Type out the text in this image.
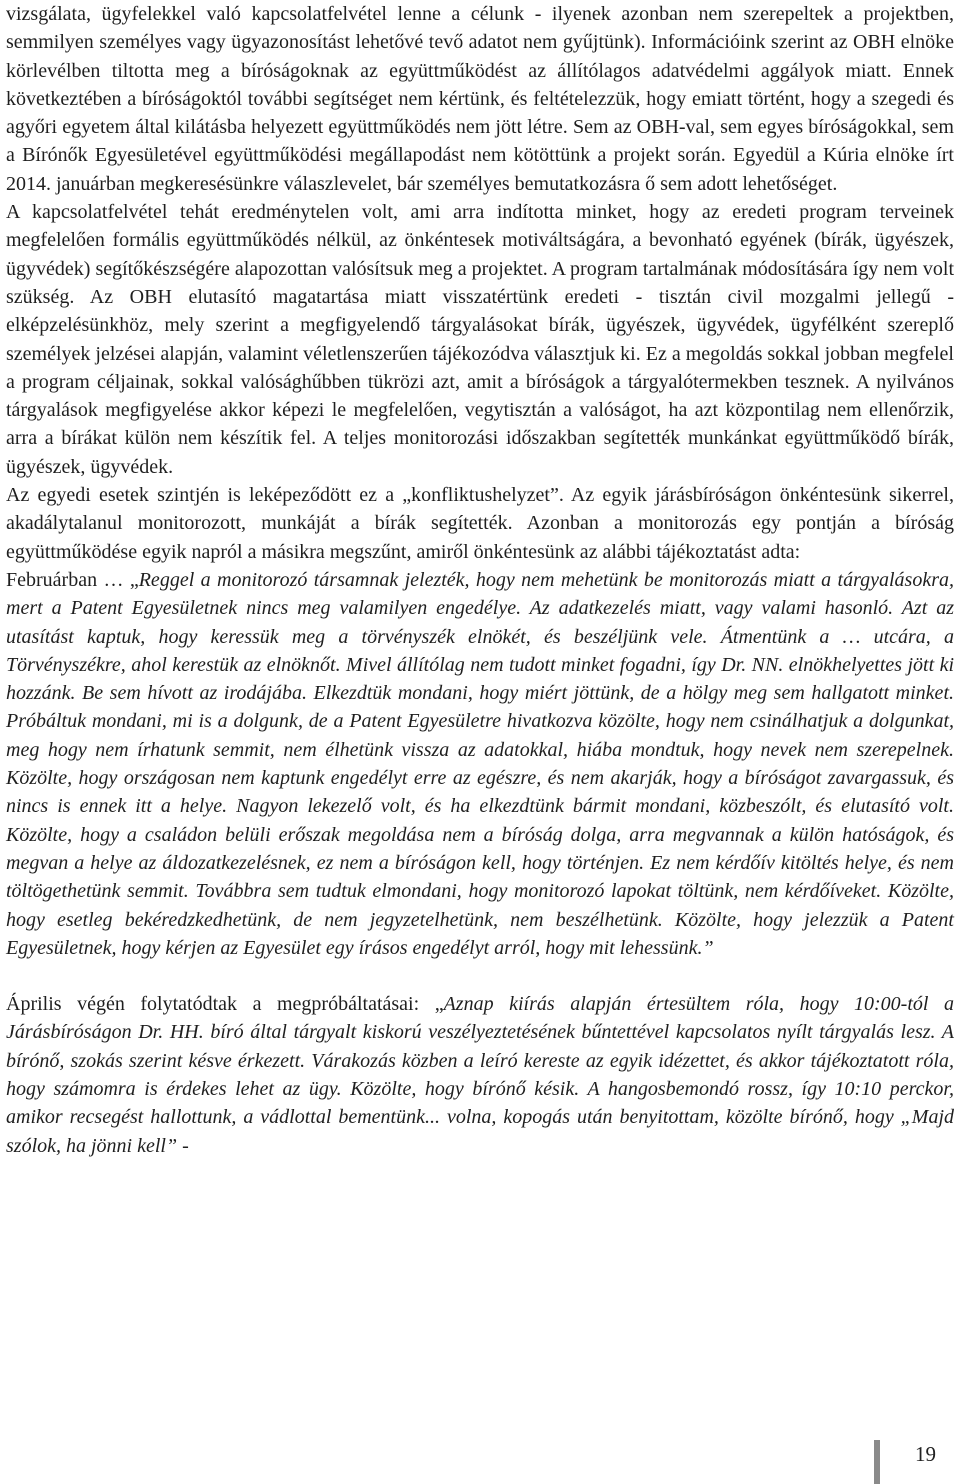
vizsgálata, ügyfelekkel való kapcsolatfelvétel lenne a célunk - ilyenek azonban nem szerepeltek a projektben, semmilyen személyes vagy ügyazonosítást lehetővé tevő adatot nem gyűjtünk). Információink szerint az OBH elnöke körlevélben tiltotta meg a bíróságoknak az együttműködést az állítólagos adatvédelmi aggályok miatt. Ennek következtében a bíróságoktól további segítséget nem kértünk, és feltételezzük, hogy emiatt történt, hogy a szegedi és agyőri egyetem által kilátásba helyezett együttműködés nem jött létre. Sem az OBH-val, sem egyes bíróságokkal, sem a Bírónők Egyesületével együttműködési megállapodást nem kötöttünk a projekt során. Egyedül a Kúria elnöke írt 2014. januárban megkeresésünkre válaszlevelet, bár személyes bemutatkozásra ő sem adott lehetőséget.

A kapcsolatfelvétel tehát eredménytelen volt, ami arra indította minket, hogy az eredeti program terveinek megfelelően formális együttműködés nélkül, az önkéntesek motiváltságára, a bevonható egyének (bírák, ügyészek, ügyvédek) segítőkészségére alapozottan valósítsuk meg a projektet. A program tartalmának módosítására így nem volt szükség. Az OBH elutasító magatartása miatt visszatértünk eredeti - tisztán civil mozgalmi jellegű - elképzelésünkhöz, mely szerint a megfigyelendő tárgyalásokat bírák, ügyészek, ügyvédek, ügyfélként szereplő személyek jelzései alapján, valamint véletlenszerűen tájékozódva választjuk ki. Ez a megoldás sokkal jobban megfelel a program céljainak, sokkal valósághűbben tükrözi azt, amit a bíróságok a tárgyalótermekben tesznek. A nyilvános tárgyalások megfigyelése akkor képezi le megfelelően, vegytisztán a valóságot, ha azt központilag nem ellenőrzik, arra a bírákat külön nem készítik fel. A teljes monitorozási időszakban segítették munkánkat együttműködő bírák, ügyészek, ügyvédek.

Az egyedi esetek szintjén is leképeződött ez a „konfliktushelyzet”. Az egyik járásbíróságon önkéntesünk sikerrel, akadálytalanul monitorozott, munkáját a bírák segítették. Azonban a monitorozás egy pontján a bíróság együttműködése egyik napról a másikra megszűnt, amiről önkéntesünk az alábbi tájékoztatást adta:

Februárban … „Reggel a monitorozó társamnak jelezték, hogy nem mehetünk be monitorozás miatt a tárgyalásokra, mert a Patent Egyesületnek nincs meg valamilyen engedélye. Az adatkezelés miatt, vagy valami hasonló. Azt az utasítást kaptuk, hogy keressük meg a törvényszék elnökét, és beszéljünk vele. Átmentünk a … utcára, a Törvényszékre, ahol kerestük az elnöknőt. Mivel állítólag nem tudott minket fogadni, így Dr. NN. elnökhelyettes jött ki hozzánk. Be sem hívott az irodájába. Elkezdtük mondani, hogy miért jöttünk, de a hölgy meg sem hallgatott minket. Próbáltuk mondani, mi is a dolgunk, de a Patent Egyesületre hivatkozva közölte, hogy nem csinálhatjuk a dolgunkat, meg hogy nem írhatunk semmit, nem élhetünk vissza az adatokkal, hiába mondtuk, hogy nevek nem szerepelnek. Közölte, hogy országosan nem kaptunk engedélyt erre az egészre, és nem akarják, hogy a bíróságot zavargassuk, és nincs is ennek itt a helye. Nagyon lekezelő volt, és ha elkezdtünk bármit mondani, közbeszólt, és elutasító volt. Közölte, hogy a családon belüli erőszak megoldása nem a bíróság dolga, arra megvannak a külön hatóságok, és megvan a helye az áldozatkezelésnek, ez nem a bíróságon kell, hogy történjen. Ez nem kérdőív kitöltés helye, és nem töltögethetünk semmit. Továbbra sem tudtuk elmondani, hogy monitorozó lapokat töltünk, nem kérdőíveket. Közölte, hogy esetleg bekéredzkedhetünk, de nem jegyzetelhetünk, nem beszélhetünk. Közölte, hogy jelezzük a Patent Egyesületnek, hogy kérjen az Egyesület egy írásos engedélyt arról, hogy mit lehessünk.”

Április végén folytatódtak a megpróbáltatásai: „Aznap kiírás alapján értesültem róla, hogy 10:00-tól a Járásbíróságon Dr. HH. bíró által tárgyalt kiskorú veszélyeztetésének bűntettével kapcsolatos nyílt tárgyalás lesz. A bírónő, szokás szerint késve érkezett. Várakozás közben a leíró kereste az egyik idézettet, és akkor tájékoztatott róla, hogy számomra is érdekes lehet az ügy. Közölte, hogy bírónő késik. A hangosbemondó rossz, így 10:10 perckor, amikor recsegést hallottunk, a vádlottal bementünk... volna, kopogás után benyitottam, közölte bírónő, hogy „Majd szólok, ha jönni kell” -

19
